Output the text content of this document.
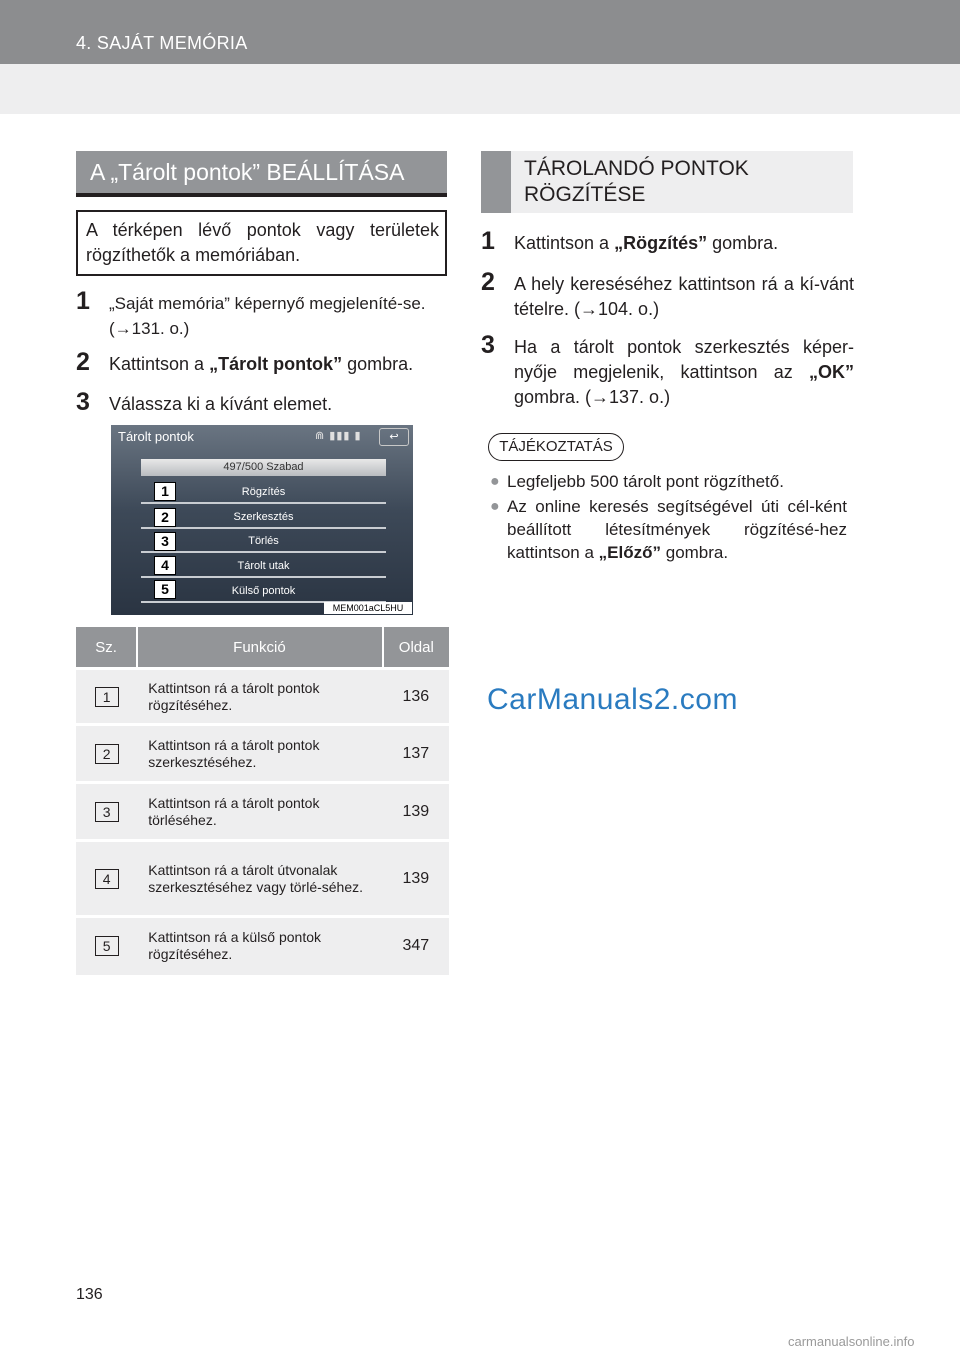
4. SAJÁT MEMÓRIA
A „Tárolt pontok” BEÁLLÍTÁSA
A térképen lévő pontok vagy területek rögzíthetők a memóriában.
1 „Saját memória” képernyő megjeleníté-se. (→131. o.)
2 Kattintson a „Tárolt pontok” gombra.
3 Válassza ki a kívánt elemet.
Tárolt pontok	⋒ ▮▮▮ ▮	↩
497/500 Szabad
Rögzítés
Szerkesztés
Törlés
Tárolt utak
Külső pontok
1
2
3
4
5
MEM001aCL5HU
Sz.	Funkció	Oldal
1	Kattintson rá a tárolt pontok rögzítéséhez.	136
2	Kattintson rá a tárolt pontok szerkesztéséhez.	137
3	Kattintson rá a tárolt pontok törléséhez.	139
4	Kattintson rá a tárolt útvonalak szerkesztéséhez vagy törlé-séhez.	139
5	Kattintson rá a külső pontok rögzítéséhez.	347
TÁROLANDÓ PONTOK RÖGZÍTÉSE
1 Kattintson a „Rögzítés” gombra.
2 A hely kereséséhez kattintson rá a kí-vánt tételre. (→104. o.)
3 Ha a tárolt pontok szerkesztés képer-nyője megjelenik, kattintson az „OK” gombra. (→137. o.)
TÁJÉKOZTATÁS
● Legfeljebb 500 tárolt pont rögzíthető.
● Az online keresés segítségével úti cél-ként beállított létesítmények rögzítésé-hez kattintson a „Előző” gombra.
CarManuals2.com
136
carmanualsonline.info
